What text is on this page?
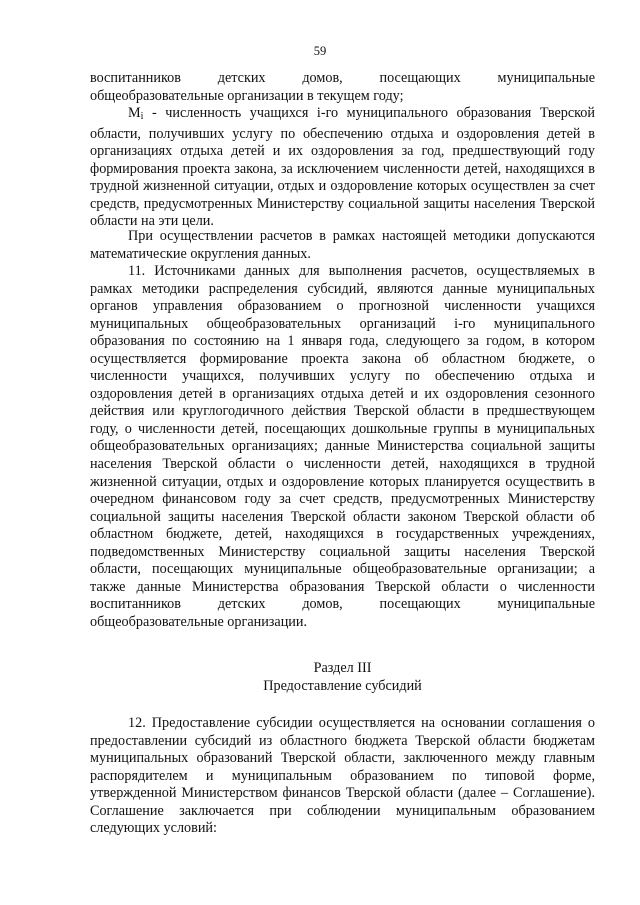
59

воспитанников детских домов, посещающих муниципальные общеобразовательные организации в текущем году;

$M_i$ - численность учащихся i-го муниципального образования Тверской области, получивших услугу по обеспечению отдыха и оздоровления детей в организациях отдыха детей и их оздоровления за год, предшествующий году формирования проекта закона, за исключением численности детей, находящихся в трудной жизненной ситуации, отдых и оздоровление которых осуществлен за счет средств, предусмотренных Министерству социальной защиты населения Тверской области на эти цели.

При осуществлении расчетов в рамках настоящей методики допускаются математические округления данных.

11. Источниками данных для выполнения расчетов, осуществляемых в рамках методики распределения субсидий, являются данные муниципальных органов управления образованием о прогнозной численности учащихся муниципальных общеобразовательных организаций i-го муниципального образования по состоянию на 1 января года, следующего за годом, в котором осуществляется формирование проекта закона об областном бюджете, о численности учащихся, получивших услугу по обеспечению отдыха и оздоровления детей в организациях отдыха детей и их оздоровления сезонного действия или круглогодичного действия Тверской области в предшествующем году, о численности детей, посещающих дошкольные группы в муниципальных общеобразовательных организациях; данные Министерства социальной защиты населения Тверской области о численности детей, находящихся в трудной жизненной ситуации, отдых и оздоровление которых планируется осуществить в очередном финансовом году за счет средств, предусмотренных Министерству социальной защиты населения Тверской области законом Тверской области об областном бюджете, детей, находящихся в государственных учреждениях, подведомственных Министерству социальной защиты населения Тверской области, посещающих муниципальные общеобразовательные организации; а также данные Министерства образования Тверской области о численности воспитанников детских домов, посещающих муниципальные общеобразовательные организации.

Раздел III
Предоставление субсидий

12. Предоставление субсидии осуществляется на основании соглашения о предоставлении субсидий из областного бюджета Тверской области бюджетам муниципальных образований Тверской области, заключенного между главным распорядителем и муниципальным образованием по типовой форме, утвержденной Министерством финансов Тверской области (далее – Соглашение). Соглашение заключается при соблюдении муниципальным образованием следующих условий:
